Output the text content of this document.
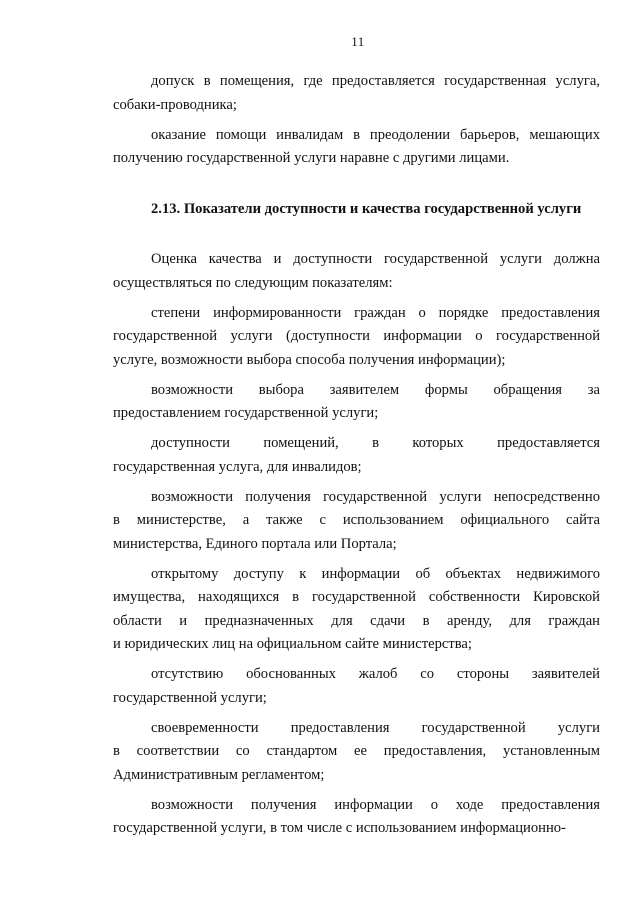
11
допуск в помещения, где предоставляется государственная услуга,
собаки-проводника;
оказание помощи инвалидам в преодолении барьеров, мешающих
получению государственной услуги наравне с другими лицами.
2.13. Показатели доступности и качества государственной услуги
Оценка качества и доступности государственной услуги должна
осуществляться по следующим показателям:
степени информированности граждан о порядке предоставления
государственной услуги (доступности информации о государственной
услуге, возможности выбора способа получения информации);
возможности выбора заявителем формы обращения за
предоставлением государственной услуги;
доступности помещений, в которых предоставляется
государственная услуга, для инвалидов;
возможности получения государственной услуги непосредственно
в министерстве, а также с использованием официального сайта
министерства, Единого портала или Портала;
открытому доступу к информации об объектах недвижимого
имущества, находящихся в государственной собственности Кировской
области и предназначенных для сдачи в аренду, для граждан
и юридических лиц на официальном сайте министерства;
отсутствию обоснованных жалоб со стороны заявителей
государственной услуги;
своевременности предоставления государственной услуги
в соответствии со стандартом ее предоставления, установленным
Административным регламентом;
возможности получения информации о ходе предоставления
государственной услуги, в том числе с использованием информационно-
